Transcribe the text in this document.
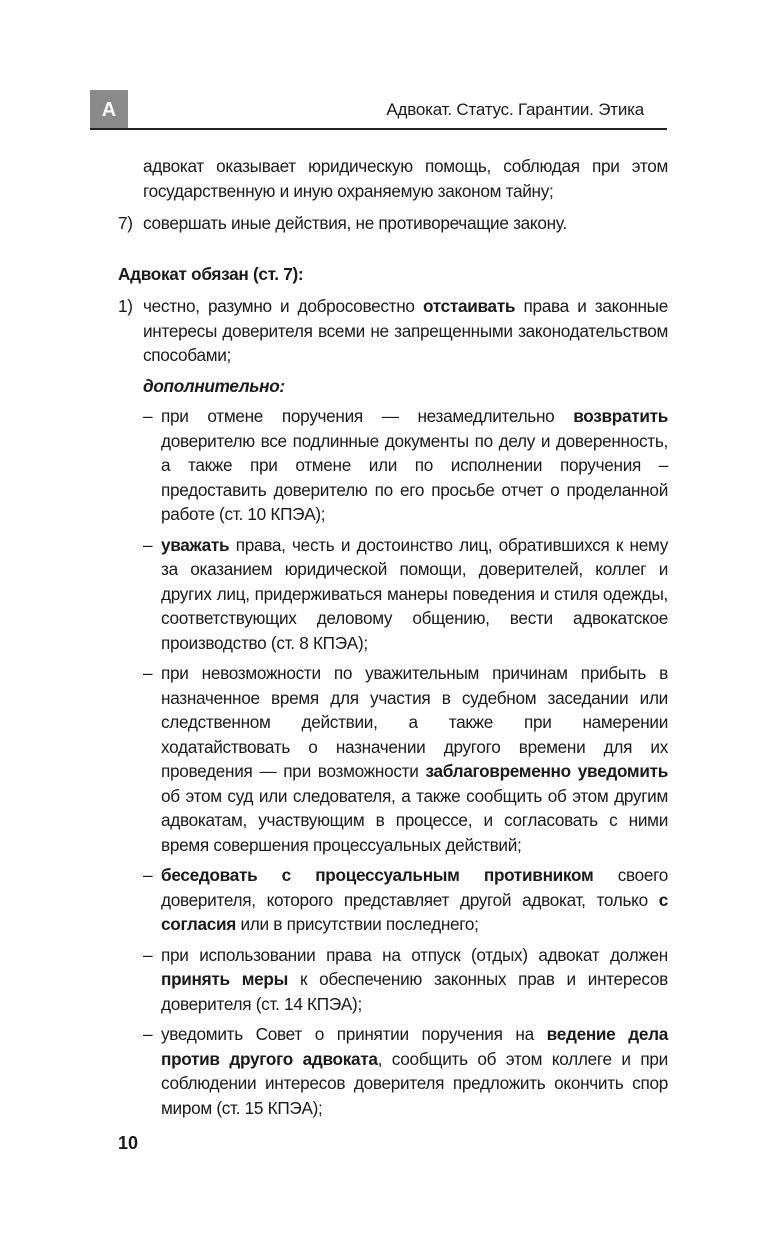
А	Адвокат. Статус. Гарантии. Этика
адвокат оказывает юридическую помощь, соблюдая при этом государственную и иную охраняемую законом тайну;
7) совершать иные действия, не противоречащие закону.
Адвокат обязан (ст. 7):
1) честно, разумно и добросовестно отстаивать права и законные интересы доверителя всеми не запрещенными законодательством способами;
дополнительно:
– при отмене поручения — незамедлительно возвратить доверителю все подлинные документы по делу и доверенность, а также при отмене или по исполнении поручения – предоставить доверителю по его просьбе отчет о проделанной работе (ст. 10 КПЭА);
– уважать права, честь и достоинство лиц, обратившихся к нему за оказанием юридической помощи, доверителей, коллег и других лиц, придерживаться манеры поведения и стиля одежды, соответствующих деловому общению, вести адвокатское производство (ст. 8 КПЭА);
– при невозможности по уважительным причинам прибыть в назначенное время для участия в судебном заседании или следственном действии, а также при намерении ходатайствовать о назначении другого времени для их проведения — при возможности заблаговременно уведомить об этом суд или следователя, а также сообщить об этом другим адвокатам, участвующим в процессе, и согласовать с ними время совершения процессуальных действий;
– беседовать с процессуальным противником своего доверителя, которого представляет другой адвокат, только с согласия или в присутствии последнего;
– при использовании права на отпуск (отдых) адвокат должен принять меры к обеспечению законных прав и интересов доверителя (ст. 14 КПЭА);
– уведомить Совет о принятии поручения на ведение дела против другого адвоката, сообщить об этом коллеге и при соблюдении интересов доверителя предложить окончить спор миром (ст. 15 КПЭА);
10
